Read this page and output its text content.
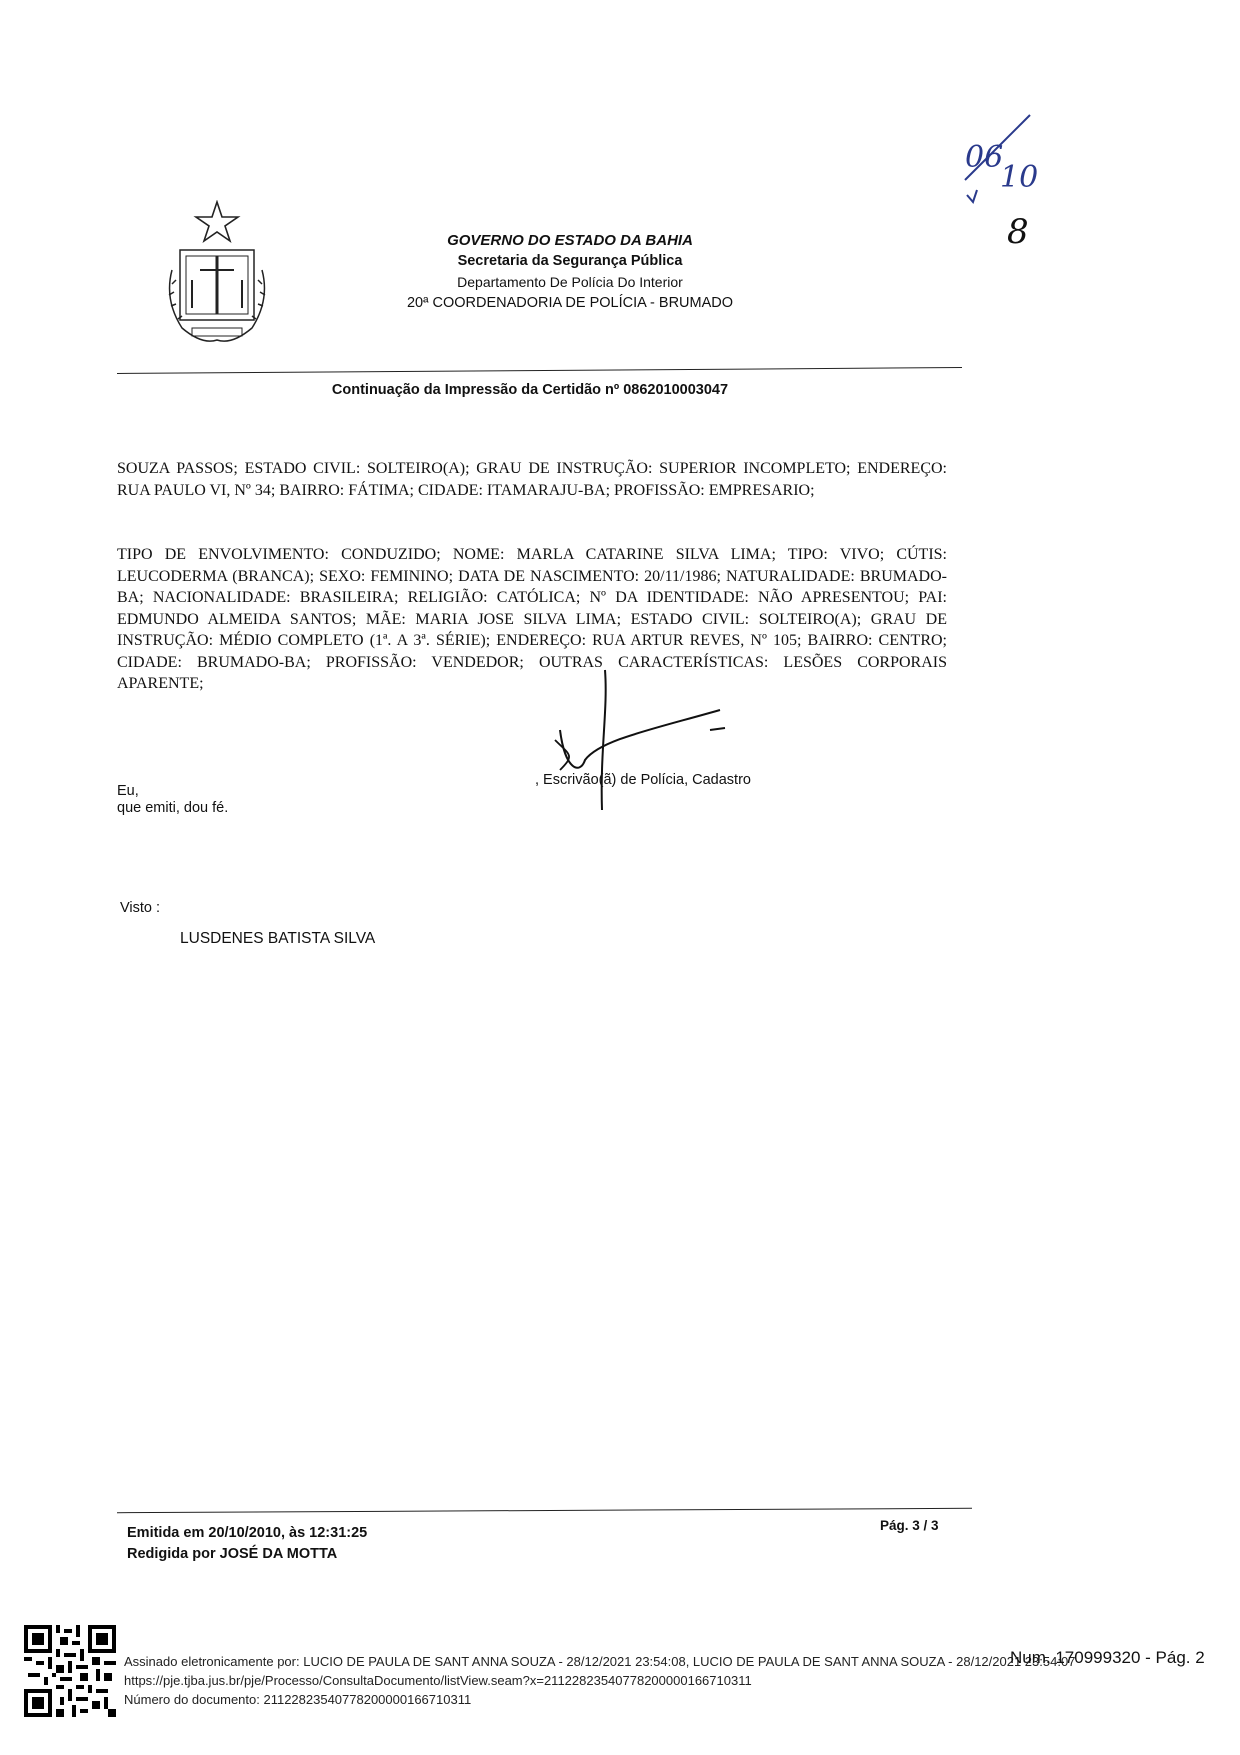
GOVERNO DO ESTADO DA BAHIA
Secretaria da Segurança Pública
Departamento De Polícia Do Interior
20ª COORDENADORIA DE POLÍCIA - BRUMADO
06
10
8
Continuação da Impressão da Certidão nº 0862010003047
SOUZA PASSOS; ESTADO CIVIL: SOLTEIRO(A); GRAU DE INSTRUÇÃO: SUPERIOR INCOMPLETO; ENDEREÇO: RUA PAULO VI, Nº 34; BAIRRO: FÁTIMA; CIDADE: ITAMARAJU-BA; PROFISSÃO: EMPRESARIO;
TIPO DE ENVOLVIMENTO: CONDUZIDO; NOME: MARLA CATARINE SILVA LIMA; TIPO: VIVO; CÚTIS: LEUCODERMA (BRANCA); SEXO: FEMININO; DATA DE NASCIMENTO: 20/11/1986; NATURALIDADE: BRUMADO-BA; NACIONALIDADE: BRASILEIRA; RELIGIÃO: CATÓLICA; Nº DA IDENTIDADE: NÃO APRESENTOU; PAI: EDMUNDO ALMEIDA SANTOS; MÃE: MARIA JOSE SILVA LIMA; ESTADO CIVIL: SOLTEIRO(A); GRAU DE INSTRUÇÃO: MÉDIO COMPLETO (1ª. A 3ª. SÉRIE); ENDEREÇO: RUA ARTUR REVES, Nº 105; BAIRRO: CENTRO; CIDADE: BRUMADO-BA; PROFISSÃO: VENDEDOR; OUTRAS CARACTERÍSTICAS: LESÕES CORPORAIS APARENTE;
Eu,
, Escrivão(ã) de Polícia, Cadastro
que emiti, dou fé.
Visto :
LUSDENES BATISTA SILVA
Emitida em 20/10/2010, às 12:31:25
Redigida por JOSÉ DA MOTTA
Pág. 3 / 3
Assinado eletronicamente por: LUCIO DE PAULA DE SANT ANNA SOUZA - 28/12/2021 23:54:08, LUCIO DE PAULA DE SANT ANNA SOUZA - 28/12/2021 23:54:07
https://pje.tjba.jus.br/pje/Processo/ConsultaDocumento/listView.seam?x=21122823540778200000166710311
Número do documento: 21122823540778200000166710311
Num. 170999320 - Pág. 2
